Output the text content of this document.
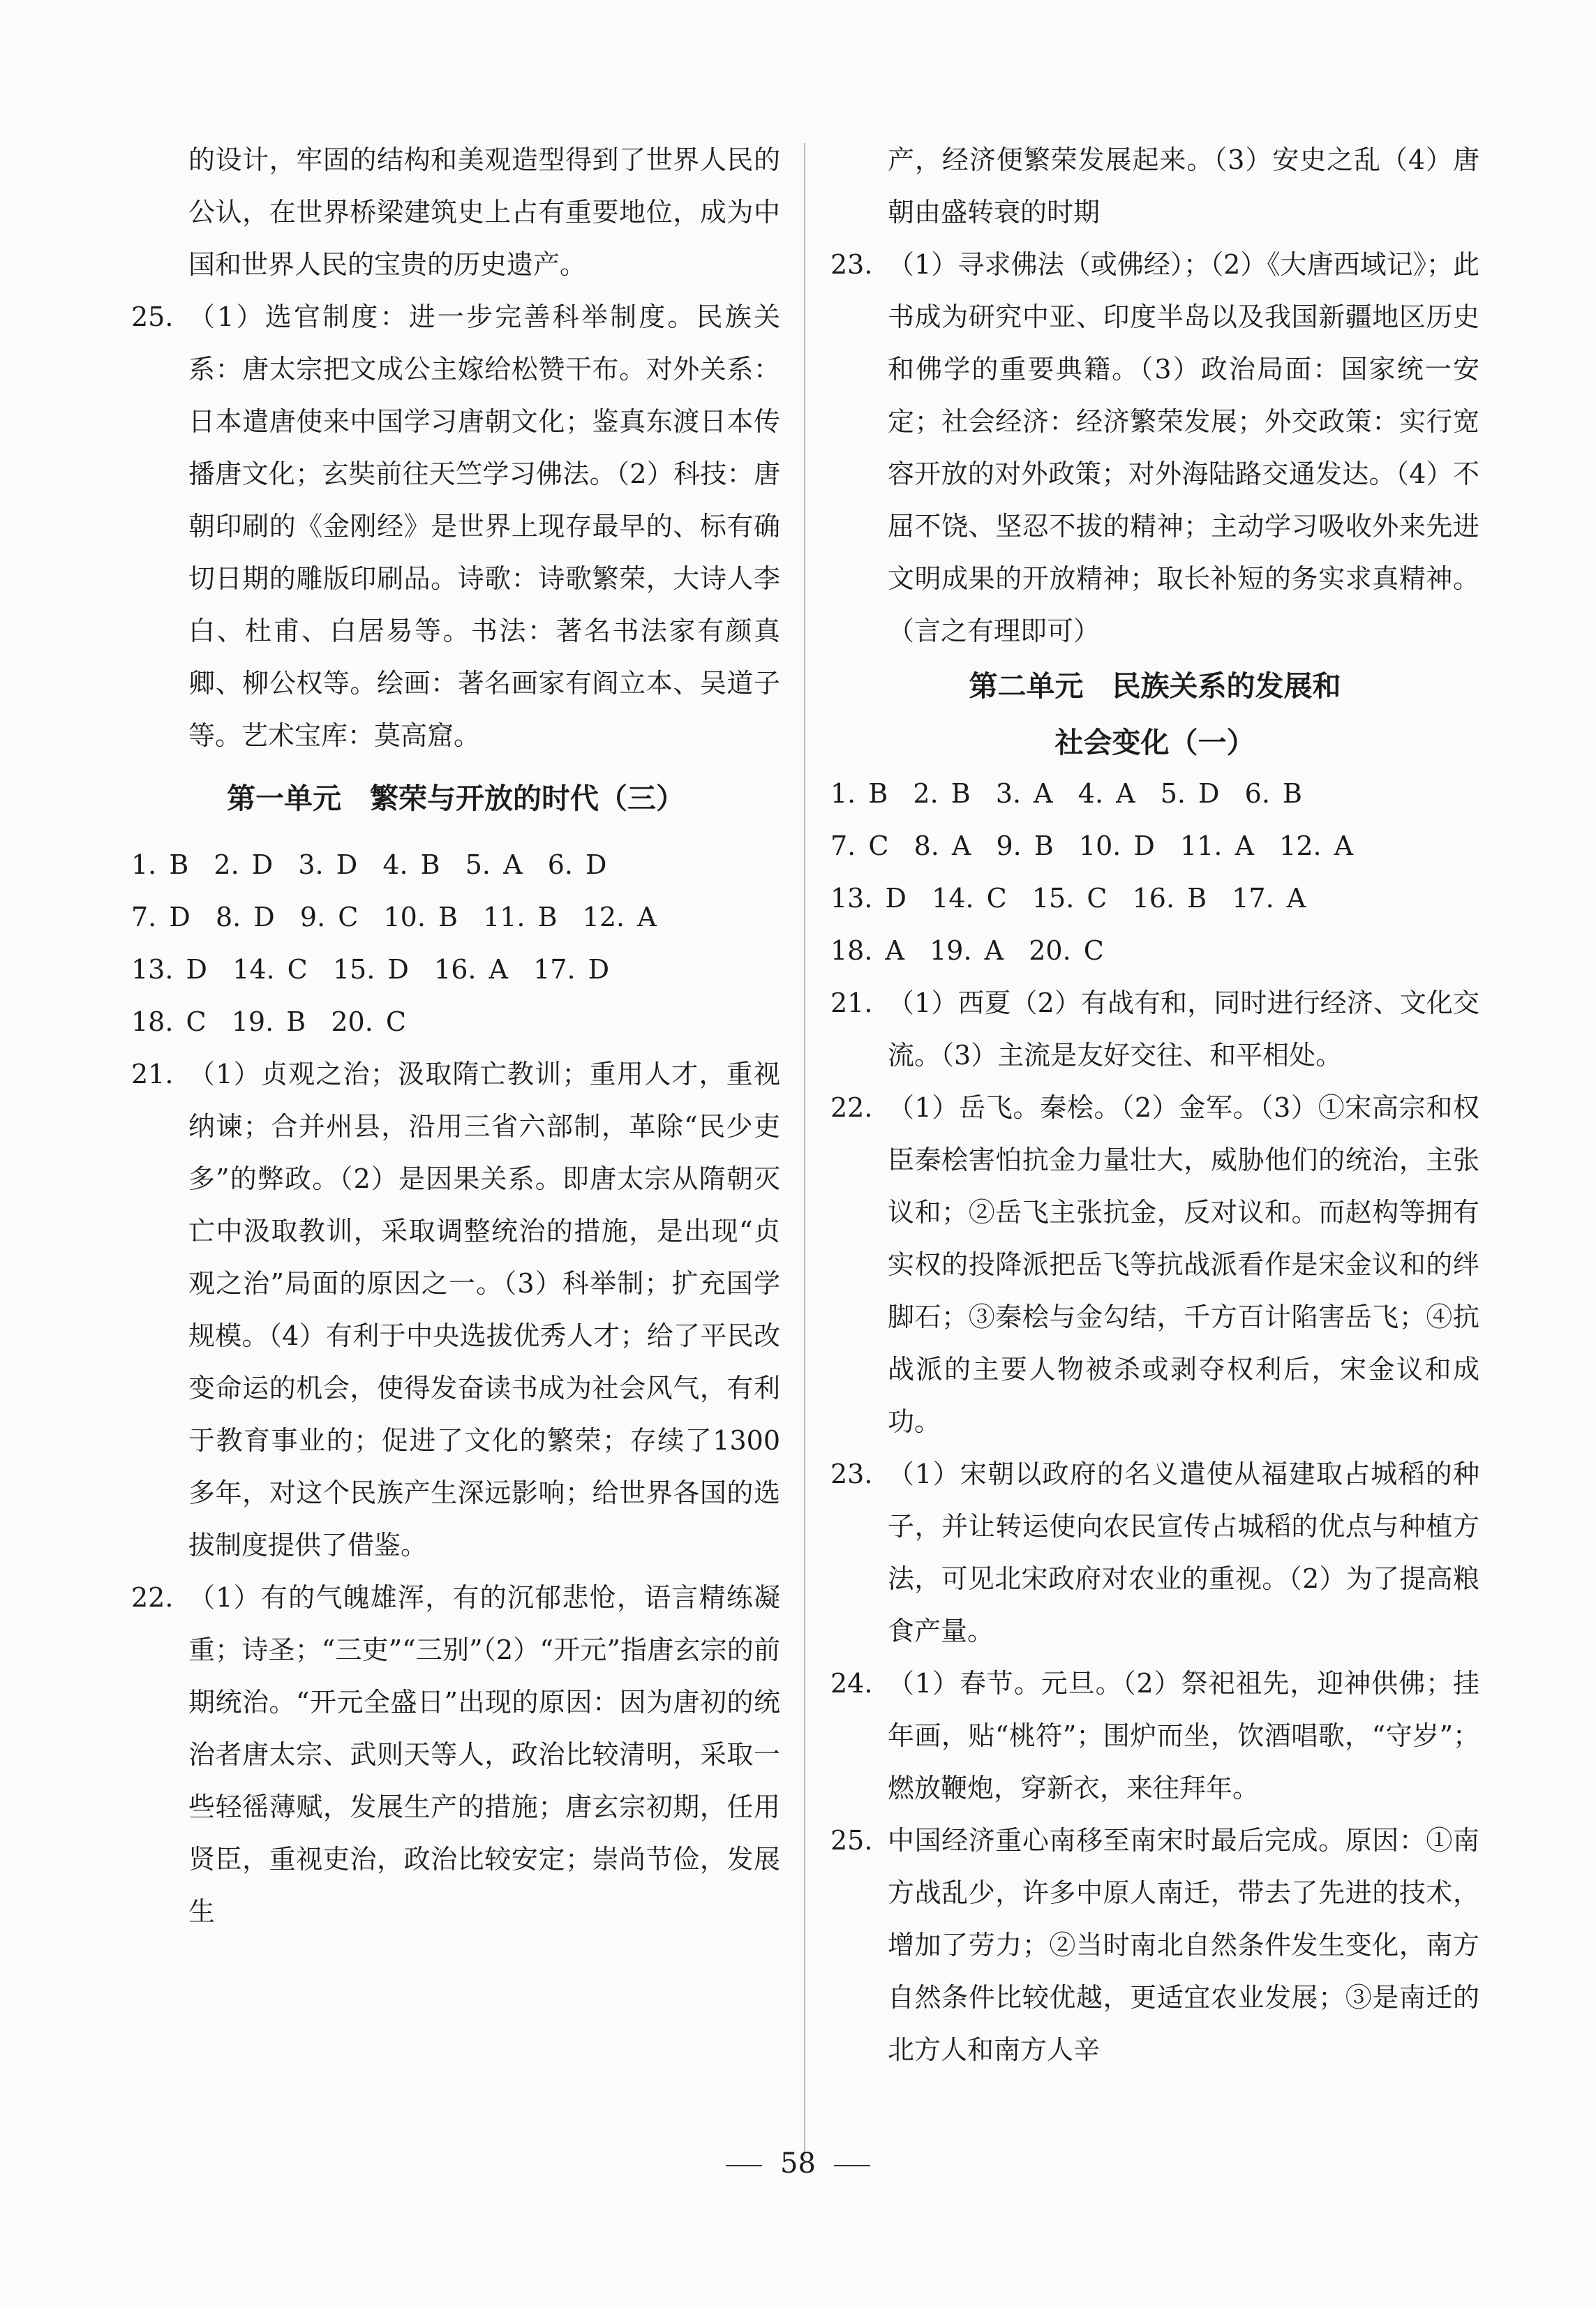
的设计，牢固的结构和美观造型得到了世界人民的公认，在世界桥梁建筑史上占有重要地位，成为中国和世界人民的宝贵的历史遗产。

25. （1）选官制度：进一步完善科举制度。民族关系：唐太宗把文成公主嫁给松赞干布。对外关系：日本遣唐使来中国学习唐朝文化；鉴真东渡日本传播唐文化；玄奘前往天竺学习佛法。（2）科技：唐朝印刷的《金刚经》是世界上现存最早的、标有确切日期的雕版印刷品。诗歌：诗歌繁荣，大诗人李白、杜甫、白居易等。书法：著名书法家有颜真卿、柳公权等。绘画：著名画家有阎立本、吴道子等。艺术宝库：莫高窟。

第一单元　繁荣与开放的时代（三）

1. B  2. D  3. D  4. B  5. A  6. D

7. D  8. D  9. C  10. B  11. B  12. A

13. D  14. C  15. D  16. A  17. D

18. C  19. B  20. C

21. （1）贞观之治；汲取隋亡教训；重用人才，重视纳谏；合并州县，沿用三省六部制，革除“民少吏多”的弊政。（2）是因果关系。即唐太宗从隋朝灭亡中汲取教训，采取调整统治的措施，是出现“贞观之治”局面的原因之一。（3）科举制；扩充国学规模。（4）有利于中央选拔优秀人才；给了平民改变命运的机会，使得发奋读书成为社会风气，有利于教育事业的；促进了文化的繁荣；存续了1300多年，对这个民族产生深远影响；给世界各国的选拔制度提供了借鉴。
22. （1）有的气魄雄浑，有的沉郁悲怆，语言精练凝重；诗圣；“三吏”“三别”（2）“开元”指唐玄宗的前期统治。“开元全盛日”出现的原因：因为唐初的统治者唐太宗、武则天等人，政治比较清明，采取一些轻徭薄赋，发展生产的措施；唐玄宗初期，任用贤臣，重视吏治，政治比较安定；崇尚节俭，发展生

产，经济便繁荣发展起来。（3）安史之乱（4）唐朝由盛转衰的时期

23. （1）寻求佛法（或佛经）；（2）《大唐西域记》；此书成为研究中亚、印度半岛以及我国新疆地区历史和佛学的重要典籍。（3）政治局面：国家统一安定；社会经济：经济繁荣发展；外交政策：实行宽容开放的对外政策；对外海陆路交通发达。（4）不屈不饶、坚忍不拔的精神；主动学习吸收外来先进文明成果的开放精神；取长补短的务实求真精神。（言之有理即可）

第二单元　民族关系的发展和

社会变化（一）

1. B  2. B  3. A  4. A  5. D  6. B

7. C  8. A  9. B  10. D  11. A  12. A

13. D  14. C  15. C  16. B  17. A

18. A  19. A  20. C

21. （1）西夏（2）有战有和，同时进行经济、文化交流。（3）主流是友好交往、和平相处。
22. （1）岳飞。秦桧。（2）金军。（3）①宋高宗和权臣秦桧害怕抗金力量壮大，威胁他们的统治，主张议和；②岳飞主张抗金，反对议和。而赵构等拥有实权的投降派把岳飞等抗战派看作是宋金议和的绊脚石；③秦桧与金勾结，千方百计陷害岳飞；④抗战派的主要人物被杀或剥夺权利后，宋金议和成功。
23. （1）宋朝以政府的名义遣使从福建取占城稻的种子，并让转运使向农民宣传占城稻的优点与种植方法，可见北宋政府对农业的重视。（2）为了提高粮食产量。
24. （1）春节。元旦。（2）祭祀祖先，迎神供佛；挂年画，贴“桃符”；围炉而坐，饮酒唱歌，“守岁”；燃放鞭炮，穿新衣，来往拜年。
25. 中国经济重心南移至南宋时最后完成。原因：①南方战乱少，许多中原人南迁，带去了先进的技术，增加了劳力；②当时南北自然条件发生变化，南方自然条件比较优越，更适宜农业发展；③是南迁的北方人和南方人辛
58
